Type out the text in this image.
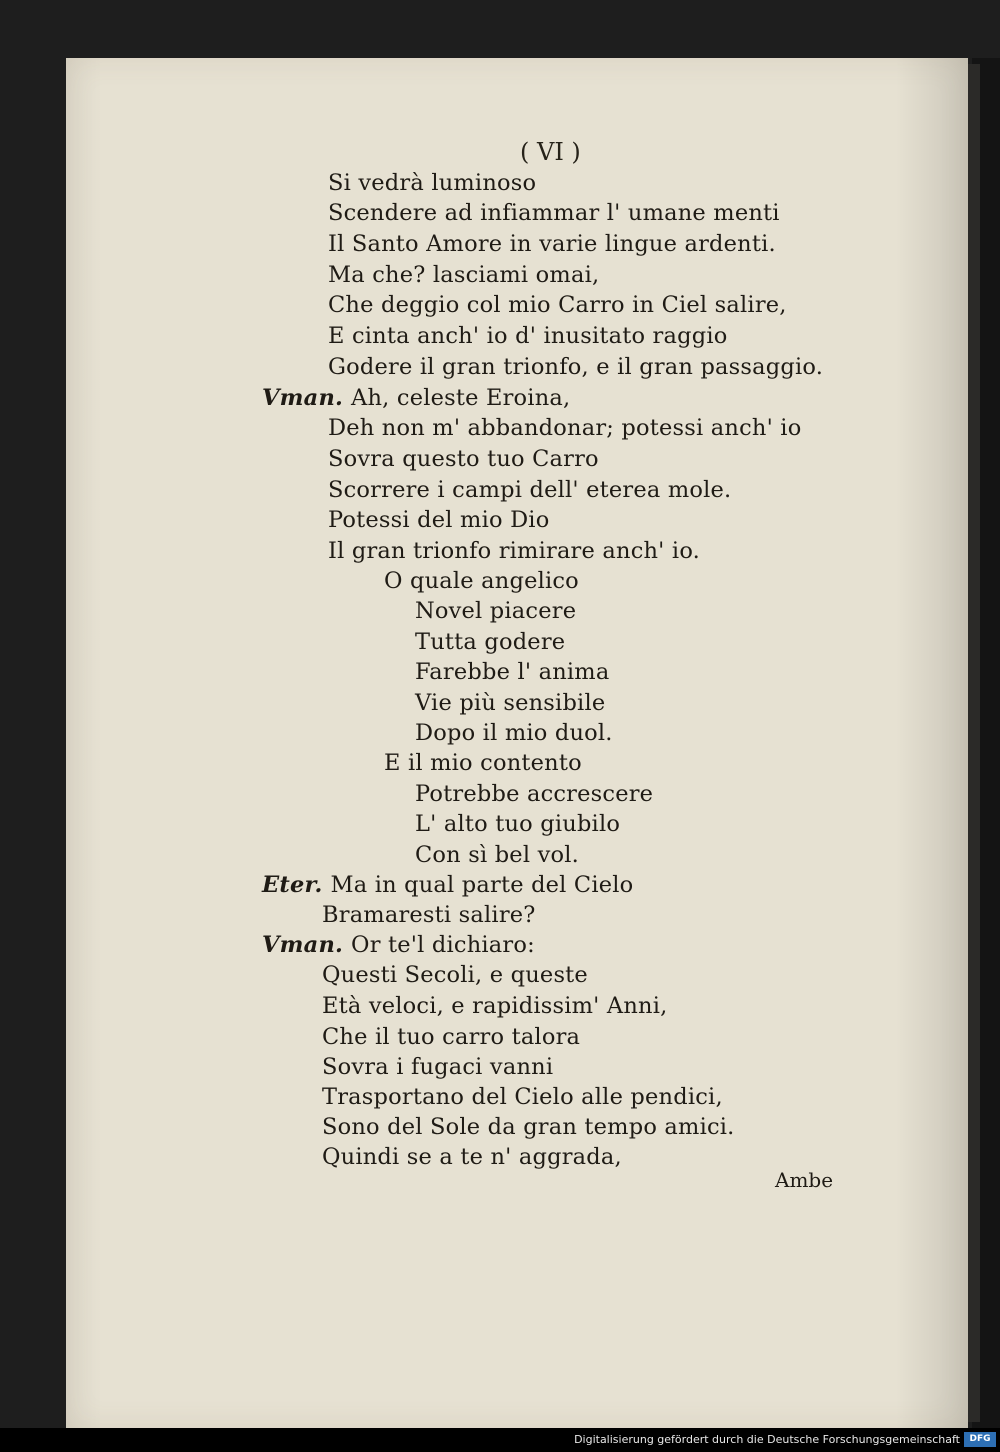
( VI )
Si vedrà luminoso
Scendere ad infiammar l' umane menti
Il Santo Amore in varie lingue ardenti.
Ma che? lasciami omai,
Che deggio col mio Carro in Ciel salire,
E cinta anch' io d' inusitato raggio
Godere il gran trionfo, e il gran passaggio.
Vman. Ah, celeste Eroina,
Deh non m' abbandonar; potessi anch' io
Sovra questo tuo Carro
Scorrere i campi dell' eterea mole.
Potessi del mio Dio
Il gran trionfo rimirare anch' io.
O quale angelico
Novel piacere
Tutta godere
Farebbe l' anima
Vie più sensibile
Dopo il mio duol.
E il mio contento
Potrebbe accrescere
L' alto tuo giubilo
Con sì bel vol.
Eter. Ma in qual parte del Cielo
Bramaresti salire?
Vman. Or te'l dichiaro:
Questi Secoli, e queste
Età veloci, e rapidissim' Anni,
Che il tuo carro talora
Sovra i fugaci vanni
Trasportano del Cielo alle pendici,
Sono del Sole da gran tempo amici.
Quindi se a te n' aggrada,
Ambe
Digitalisierung gefördert durch die Deutsche Forschungsgemeinschaft	DFG
